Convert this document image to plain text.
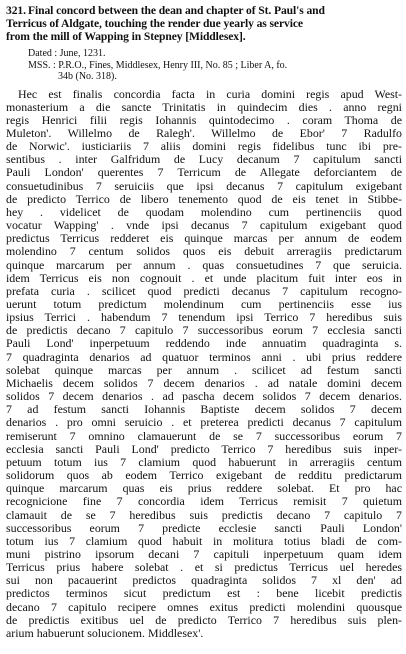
321. Final concord between the dean and chapter of St. Paul's and
Terricus of Aldgate, touching the render due yearly as service
from the mill of Wapping in Stepney [Middlesex].

Dated : June, 1231.
MSS. : P.R.O., Fines, Middlesex, Henry III, No. 85 ; Liber A, fo.
34b (No. 318).
Hec est finalis concordia facta in curia domini regis apud West-
monasterium a die sancte Trinitatis in quindecim dies . anno regni
regis Henrici filii regis Iohannis quintodecimo . coram Thoma de
Muleton'. Willelmo de Ralegh'. Willelmo de Ebor' 7 Radulfo
de Norwic'. iusticiariis 7 aliis domini regis fidelibus tunc ibi pre-
sentibus . inter Galfridum de Lucy decanum 7 capitulum sancti
Pauli London' querentes 7 Terricum de Allegate deforciantem de
consuetudinibus 7 seruiciis que ipsi decanus 7 capitulum exigebant
de predicto Terrico de libero tenemento quod de eis tenet in Stibbe-
hey . videlicet de quodam molendino cum pertinenciis quod
vocatur Wapping' . vnde ipsi decanus 7 capitulum exigebant quod
predictus Terricus redderet eis quinque marcas per annum de eodem
molendino 7 centum solidos quos eis debuit arreragiis predictarum
quinque marcarum per annum . quas consuetudines 7 que seruicia.
idem Terricus eis non cognouit . et unde placitum fuit inter eos in
prefata curia . scilicet quod predicti decanus 7 capitulum recogno-
uerunt totum predictum molendinum cum pertinenciis esse ius
ipsius Terrici . habendum 7 tenendum ipsi Terrico 7 heredibus suis
de predictis decano 7 capitulo 7 successoribus eorum 7 ecclesia sancti
Pauli Lond' inperpetuum reddendo inde annuatim quadraginta s.
7 quadraginta denarios ad quatuor terminos anni . ubi prius reddere
solebat quinque marcas per annum . scilicet ad festum sancti
Michaelis decem solidos 7 decem denarios . ad natale domini decem
solidos 7 decem denarios . ad pascha decem solidos 7 decem denarios.
7 ad festum sancti Iohannis Baptiste decem solidos 7 decem
denarios . pro omni seruicio . et preterea predicti decanus 7 capitulum
remiserunt 7 omnino clamauerunt de se 7 successoribus eorum 7
ecclesia sancti Pauli Lond' predicto Terrico 7 heredibus suis inper-
petuum totum ius 7 clamium quod habuerunt in arreragiis centum
solidorum quos ab eodem Terrico exigebant de redditu predictarum
quinque marcarum quas eis prius reddere solebat. Et pro hac
recognicione fine 7 concordia idem Terricus remisit 7 quietum
clamauit de se 7 heredibus suis predictis decano 7 capitulo 7
successoribus eorum 7 predicte ecclesie sancti Pauli London'
totum ius 7 clamium quod habuit in molitura totius bladi de com-
muni pistrino ipsorum decani 7 capituli inperpetuum quam idem
Terricus prius habere solebat . et si predictus Terricus uel heredes
sui non pacauerint predictos quadraginta solidos 7 xl den' ad
predictos terminos sicut predictum est : bene licebit predictis
decano 7 capitulo recipere omnes exitus predicti molendini quousque
de predictis exitibus uel de predicto Terrico 7 heredibus suis plen-
arium habuerunt solucionem. Middlesex'.
